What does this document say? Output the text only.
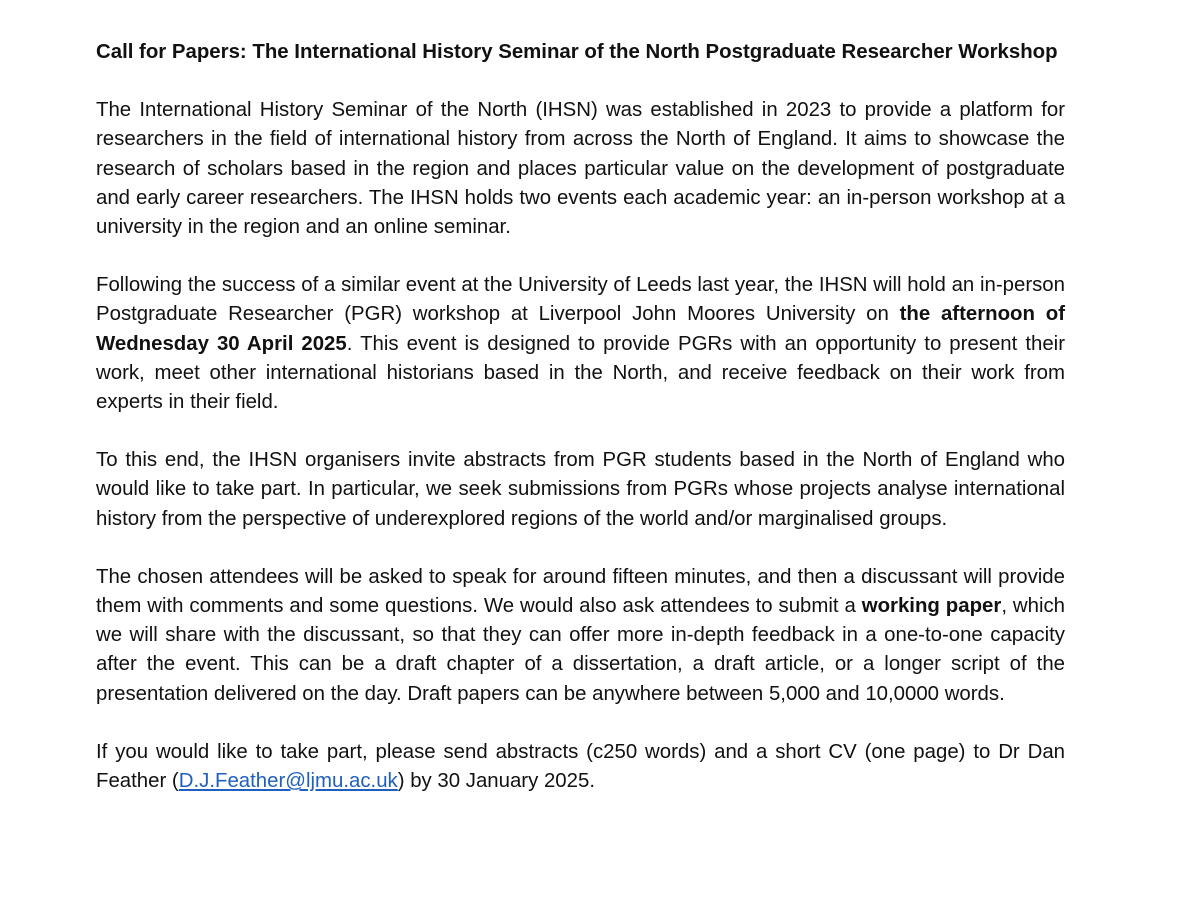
Call for Papers: The International History Seminar of the North Postgraduate Researcher Workshop

The International History Seminar of the North (IHSN) was established in 2023 to provide a platform for researchers in the field of international history from across the North of England. It aims to showcase the research of scholars based in the region and places particular value on the development of postgraduate and early career researchers. The IHSN holds two events each academic year: an in-person workshop at a university in the region and an online seminar.

Following the success of a similar event at the University of Leeds last year, the IHSN will hold an in-person Postgraduate Researcher (PGR) workshop at Liverpool John Moores University on the afternoon of Wednesday 30 April 2025. This event is designed to provide PGRs with an opportunity to present their work, meet other international historians based in the North, and receive feedback on their work from experts in their field.

To this end, the IHSN organisers invite abstracts from PGR students based in the North of England who would like to take part. In particular, we seek submissions from PGRs whose projects analyse international history from the perspective of underexplored regions of the world and/or marginalised groups.

The chosen attendees will be asked to speak for around fifteen minutes, and then a discussant will provide them with comments and some questions. We would also ask attendees to submit a working paper, which we will share with the discussant, so that they can offer more in-depth feedback in a one-to-one capacity after the event. This can be a draft chapter of a dissertation, a draft article, or a longer script of the presentation delivered on the day. Draft papers can be anywhere between 5,000 and 10,0000 words.

If you would like to take part, please send abstracts (c250 words) and a short CV (one page) to Dr Dan Feather (D.J.Feather@ljmu.ac.uk) by 30 January 2025.
